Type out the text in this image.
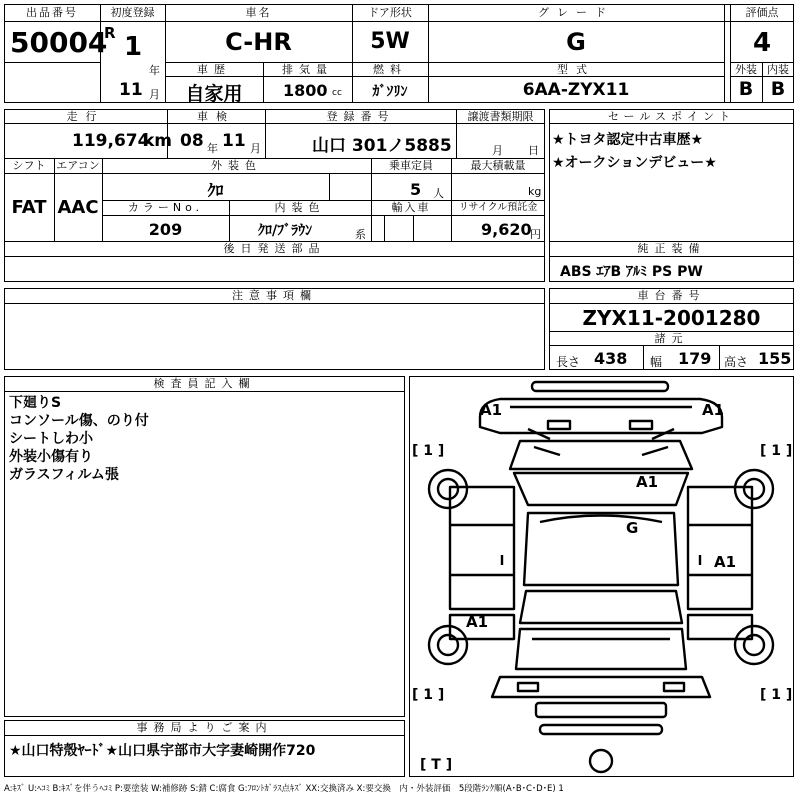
出品番号
50004
初度登録
R 1
年
11 月
車名
C-HR
ドア形状
5W
グレード
G
評価点
4
車歴
自家用
排気量
1800 cc
燃料
ｶﾞｿﾘﾝ
型式
6AA-ZYX11
外装 内装
B B
走行
119,674
km
車検
08 年 11 月
登録番号
山口 301ノ5885
譲渡書類期限
月 日
シフト
FAT
エアコン
AAC
外装色
ｸﾛ
乗車定員
5 人
最大積載量
kg
カラーNo.
209
内装色
ｸﾛ/ﾌﾞﾗｳﾝ	系
輸入車	リサイクル預託金
9,620
円
後日発送部品
セールスポイント
★トヨタ認定中古車歴★
★オークションデビュー★
純正装備
ABS ｴｱB ｱﾙﾐ PS PW
注意事項欄	車台番号
ZYX11-2001280
諸元
長さ 438 幅 179 高さ 155
検査員記入欄
下廻りS
コンソール傷、のり付
シートしわ小
外装小傷有り
ガラスフィルム張
事務局よりご案内
★山口特殼ﾔｰﾄﾞ★山口県宇部市大字妻崎開作720
A1	A1
A1
G
A1
A1
[ 1 ]	[ 1 ]
[ 1 ]	[ 1 ]
[ T ]
A:ｷｽﾞ U:ﾍｺﾐ B:ｷｽﾞを伴うﾍｺﾐ P:要塗装 W:補修跡 S:錆 C:腐食 G:ﾌﾛﾝﾄｶﾞﾗｽ点ｷｽﾞ XX:交換済み X:要交換　内・外装評価　5段階ﾗﾝｸ順(A･B･C･D･E) 1
